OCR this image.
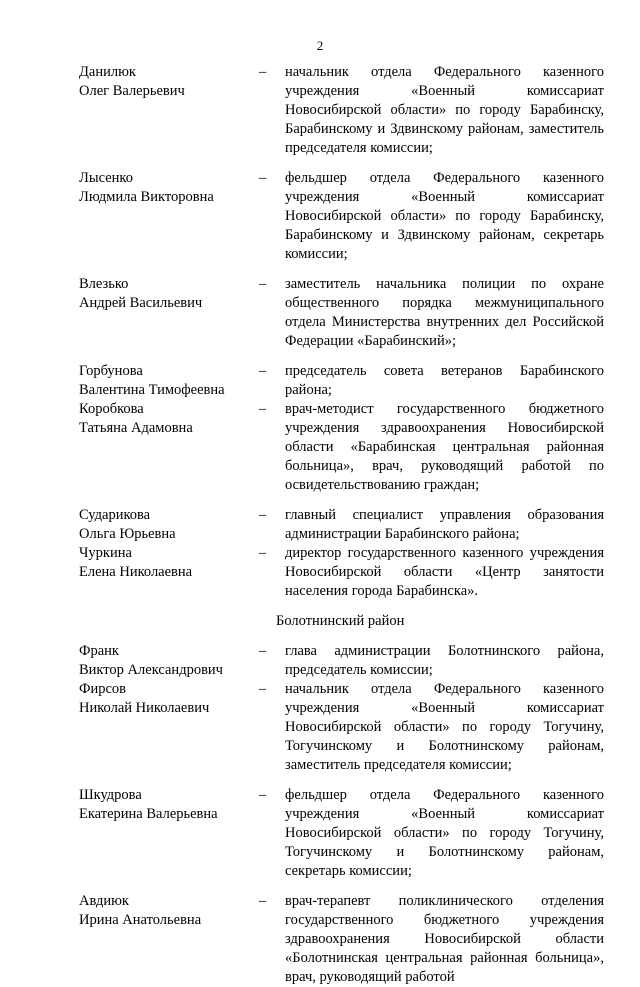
2
Данилюк
Олег Валерьевич
–	начальник отдела Федерального казенного учреждения «Военный комиссариат Новосибирской области» по городу Барабинску, Барабинскому и Здвинскому районам, заместитель председателя комиссии;
Лысенко
Людмила Викторовна
–	фельдшер отдела Федерального казенного учреждения «Военный комиссариат Новосибирской области» по городу Барабинску, Барабинскому и Здвинскому районам, секретарь комиссии;
Влезько
Андрей Васильевич
–	заместитель начальника полиции по охране общественного порядка межмуниципального отдела Министерства внутренних дел Российской Федерации «Барабинский»;
Горбунова
Валентина Тимофеевна
–	председатель совета ветеранов Барабинского района;
Коробкова
Татьяна Адамовна
–	врач-методист государственного бюджетного учреждения здравоохранения Новосибирской области «Барабинская центральная районная больница», врач, руководящий работой по освидетельствованию граждан;
Сударикова
Ольга Юрьевна
–	главный специалист управления образования администрации Барабинского района;
Чуркина
Елена Николаевна
–	директор государственного казенного учреждения Новосибирской области «Центр занятости населения города Барабинска».
Болотнинский район
Франк
Виктор Александрович
–	глава администрации Болотнинского района, председатель комиссии;
Фирсов
Николай Николаевич
–	начальник отдела Федерального казенного учреждения «Военный комиссариат Новосибирской области» по городу Тогучину, Тогучинскому и Болотнинскому районам, заместитель председателя комиссии;
Шкудрова
Екатерина Валерьевна
–	фельдшер отдела Федерального казенного учреждения «Военный комиссариат Новосибирской области» по городу Тогучину, Тогучинскому и Болотнинскому районам, секретарь комиссии;
Авдиюк
Ирина Анатольевна
–	врач-терапевт поликлинического отделения государственного бюджетного учреждения здравоохранения Новосибирской области «Болотнинская центральная районная больница», врач, руководящий работой
